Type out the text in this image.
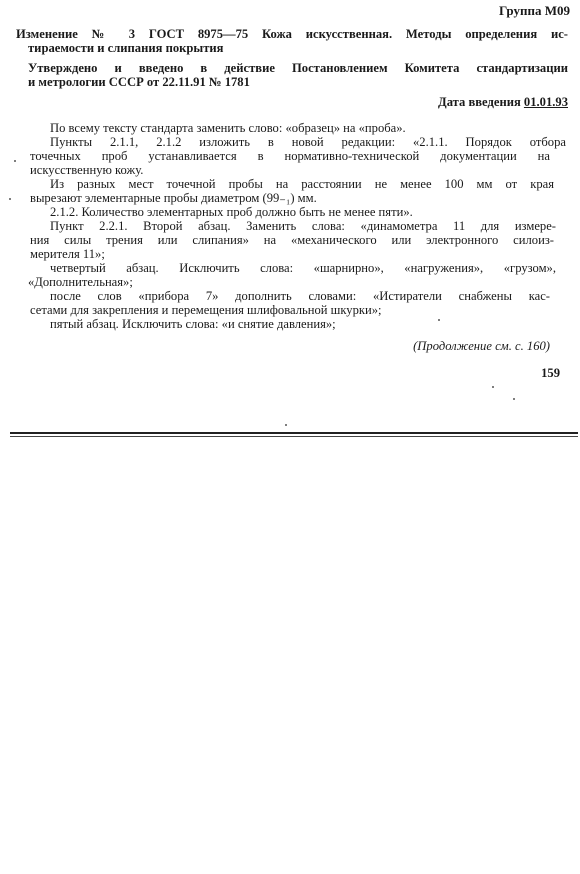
Группа М09
Изменение № 3 ГОСТ 8975—75 Кожа искусственная. Методы определения ис-
тираемости и слипания покрытия
Утверждено и введено в действие Постановлением Комитета стандартизации
и метрологии СССР от 22.11.91 № 1781
Дата введения 01.01.93
По всему тексту стандарта заменить слово: «образец» на «проба».
Пункты 2.1.1, 2.1.2 изложить в новой редакции: «2.1.1. Порядок отбора
точечных проб устанавливается в нормативно-технической документации на
искусственную кожу.
Из разных мест точечной пробы на расстоянии не менее 100 мм от края
вырезают элементарные пробы диаметром (99₋₁) мм.
2.1.2. Количество элементарных проб должно быть не менее пяти».
Пункт 2.2.1. Второй абзац. Заменить слова: «динамометра 11 для измере-
ния силы трения или слипания» на «механического или электронного силоиз-
мерителя 11»;
четвертый абзац. Исключить слова: «шарнирно», «нагружения», «грузом»,
«Дополнительная»;
после слов «прибора 7» дополнить словами: «Истиратели снабжены кас-
сетами для закрепления и перемещения шлифовальной шкурки»;
пятый абзац. Исключить слова: «и снятие давления»;
(Продолжение см. с. 160)
159
